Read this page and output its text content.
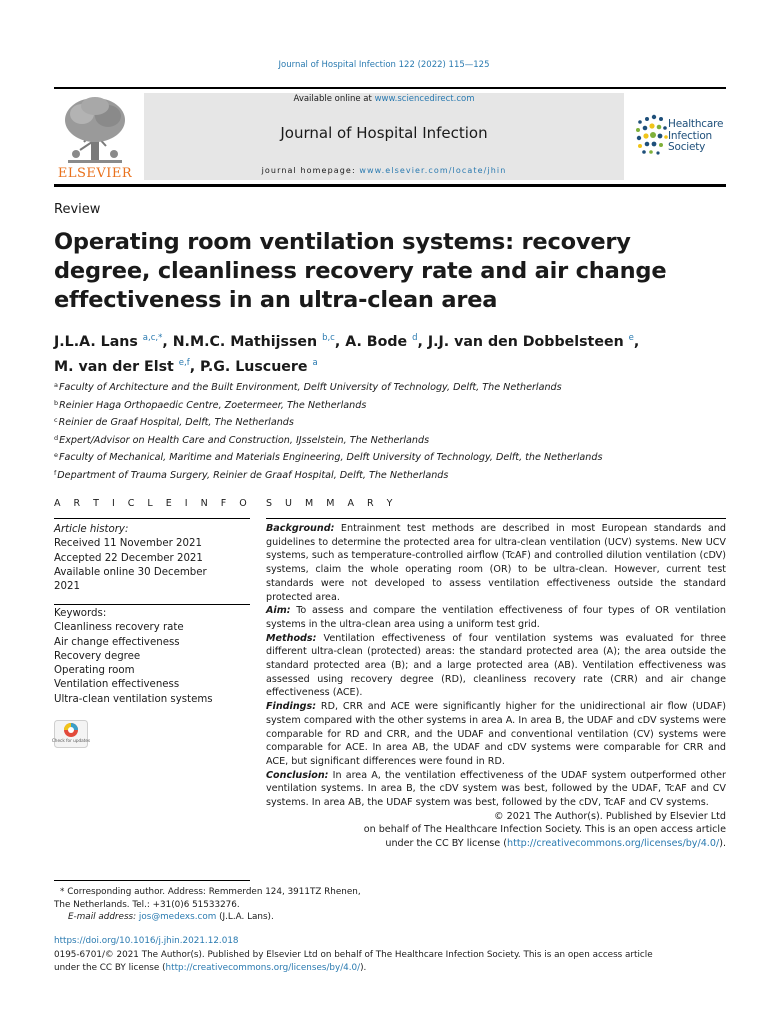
Journal of Hospital Infection 122 (2022) 115—125
ELSEVIER
Available online at www.sciencedirect.com
Journal of Hospital Infection
journal homepage: www.elsevier.com/locate/jhin
Healthcare
Infection
Society
Review
Operating room ventilation systems: recovery degree, cleanliness recovery rate and air change effectiveness in an ultra-clean area
J.L.A. Lans $^{a,c,*}$, N.M.C. Mathijssen $^{b,c}$, A. Bode $^d$, J.J. van den Dobbelsteen $^e$,
M. van der Elst $^{e,f}$, P.G. Luscuere $^a$
$^a$Faculty of Architecture and the Built Environment, Delft University of Technology, Delft, The Netherlands
$^b$Reinier Haga Orthopaedic Centre, Zoetermeer, The Netherlands
$^c$Reinier de Graaf Hospital, Delft, The Netherlands
$^d$Expert/Advisor on Health Care and Construction, IJsselstein, The Netherlands
$^e$Faculty of Mechanical, Maritime and Materials Engineering, Delft University of Technology, Delft, the Netherlands
$^f$Department of Trauma Surgery, Reinier de Graaf Hospital, Delft, The Netherlands
A R T I C L E I N F O S U M M A R Y
Article history:
Received 11 November 2021
Accepted 22 December 2021
Available online 30 December
2021
Keywords:
Cleanliness recovery rate
Air change effectiveness
Recovery degree
Operating room
Ventilation effectiveness
Ultra-clean ventilation systems
Check for updates

Background: Entrainment test methods are described in most European standards and guidelines to determine the protected area for ultra-clean ventilation (UCV) systems. New UCV systems, such as temperature-controlled airflow (TcAF) and controlled dilution ventilation (cDV) systems, claim the whole operating room (OR) to be ultra-clean. However, current test standards were not developed to assess ventilation effectiveness outside the standard protected area.

Aim: To assess and compare the ventilation effectiveness of four types of OR ventilation systems in the ultra-clean area using a uniform test grid.

Methods: Ventilation effectiveness of four ventilation systems was evaluated for three different ultra-clean (protected) areas: the standard protected area (A); the area outside the standard protected area (B); and a large protected area (AB). Ventilation effectiveness was assessed using recovery degree (RD), cleanliness recovery rate (CRR) and air change effectiveness (ACE).

Findings: RD, CRR and ACE were significantly higher for the unidirectional air flow (UDAF) system compared with the other systems in area A. In area B, the UDAF and cDV systems were comparable for RD and CRR, and the UDAF and conventional ventilation (CV) systems were comparable for ACE. In area AB, the UDAF and cDV systems were comparable for CRR and ACE, but significant differences were found in RD.

Conclusion: In area A, the ventilation effectiveness of the UDAF system outperformed other ventilation systems. In area B, the cDV system was best, followed by the UDAF, TcAF and CV systems. In area AB, the UDAF system was best, followed by the cDV, TcAF and CV systems.

© 2021 The Author(s). Published by Elsevier Ltd
on behalf of The Healthcare Infection Society. This is an open access article
under the CC BY license (http://creativecommons.org/licenses/by/4.0/).
* Corresponding author. Address: Remmerden 124, 3911TZ Rhenen,
The Netherlands. Tel.: +31(0)6 51533276.
E-mail address: jos@medexs.com (J.L.A. Lans).
https://doi.org/10.1016/j.jhin.2021.12.018
0195-6701/© 2021 The Author(s). Published by Elsevier Ltd on behalf of The Healthcare Infection Society. This is an open access article
under the CC BY license (http://creativecommons.org/licenses/by/4.0/).
